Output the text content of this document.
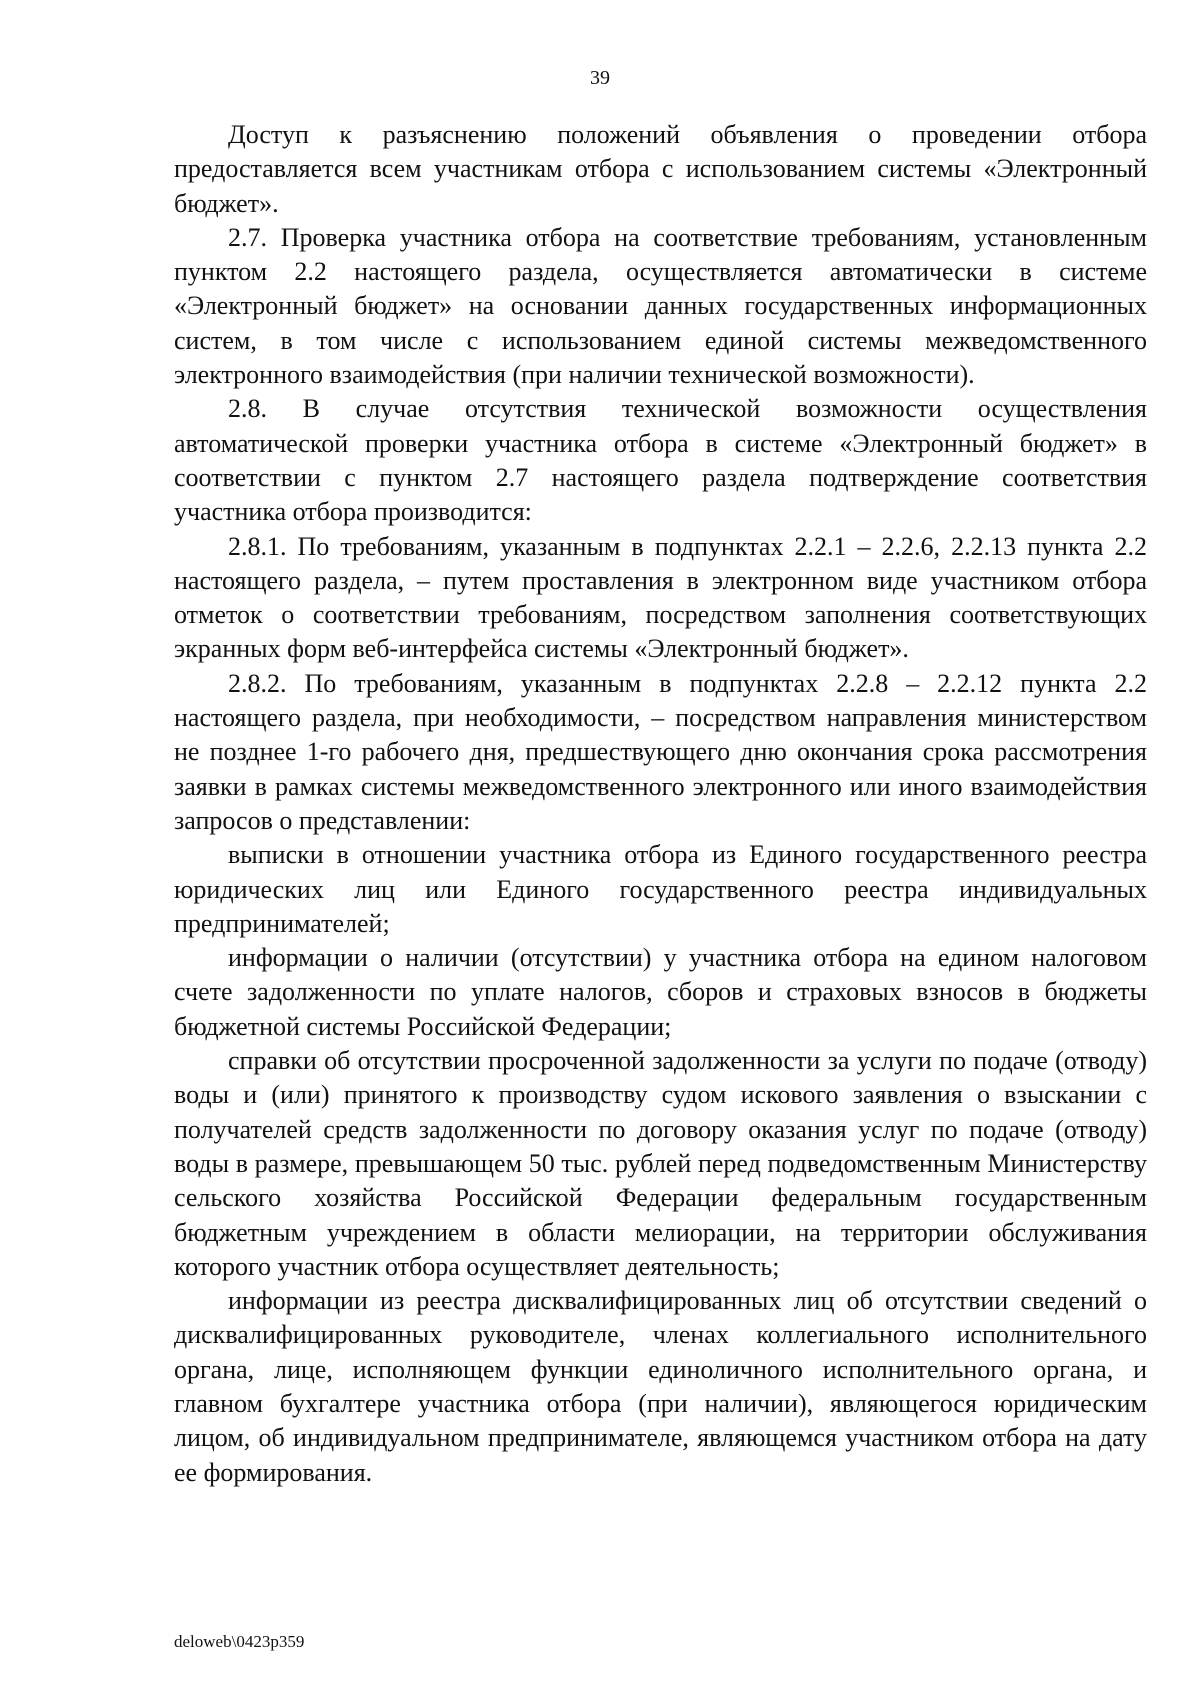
39

Доступ к разъяснению положений объявления о проведении отбора предоставляется всем участникам отбора с использованием системы «Электронный бюджет».

2.7. Проверка участника отбора на соответствие требованиям, установленным пунктом 2.2 настоящего раздела, осуществляется автоматически в системе «Электронный бюджет» на основании данных государственных информационных систем, в том числе с использованием единой системы межведомственного электронного взаимодействия (при наличии технической возможности).

2.8. В случае отсутствия технической возможности осуществления автоматической проверки участника отбора в системе «Электронный бюджет» в соответствии с пунктом 2.7 настоящего раздела подтверждение соответствия участника отбора производится:

2.8.1. По требованиям, указанным в подпунктах 2.2.1 – 2.2.6, 2.2.13 пункта 2.2 настоящего раздела, – путем проставления в электронном виде участником отбора отметок о соответствии требованиям, посредством заполнения соответствующих экранных форм веб-интерфейса системы «Электронный бюджет».

2.8.2. По требованиям, указанным в подпунктах 2.2.8 – 2.2.12 пункта 2.2 настоящего раздела, при необходимости, – посредством направления министерством не позднее 1-го рабочего дня, предшествующего дню окончания срока рассмотрения заявки в рамках системы межведомственного электронного или иного взаимодействия запросов о представлении:

выписки в отношении участника отбора из Единого государственного реестра юридических лиц или Единого государственного реестра индивидуальных предпринимателей;

информации о наличии (отсутствии) у участника отбора на едином налоговом счете задолженности по уплате налогов, сборов и страховых взносов в бюджеты бюджетной системы Российской Федерации;

справки об отсутствии просроченной задолженности за услуги по подаче (отводу) воды и (или) принятого к производству судом искового заявления о взыскании с получателей средств задолженности по договору оказания услуг по подаче (отводу) воды в размере, превышающем 50 тыс. рублей перед подведомственным Министерству сельского хозяйства Российской Федерации федеральным государственным бюджетным учреждением в области мелиорации, на территории обслуживания которого участник отбора осуществляет деятельность;

информации из реестра дисквалифицированных лиц об отсутствии сведений о дисквалифицированных руководителе, членах коллегиального исполнительного органа, лице, исполняющем функции единоличного исполнительного органа, и главном бухгалтере участника отбора (при наличии), являющегося юридическим лицом, об индивидуальном предпринимателе, являющемся участником отбора на дату ее формирования.

deloweb\0423p359
